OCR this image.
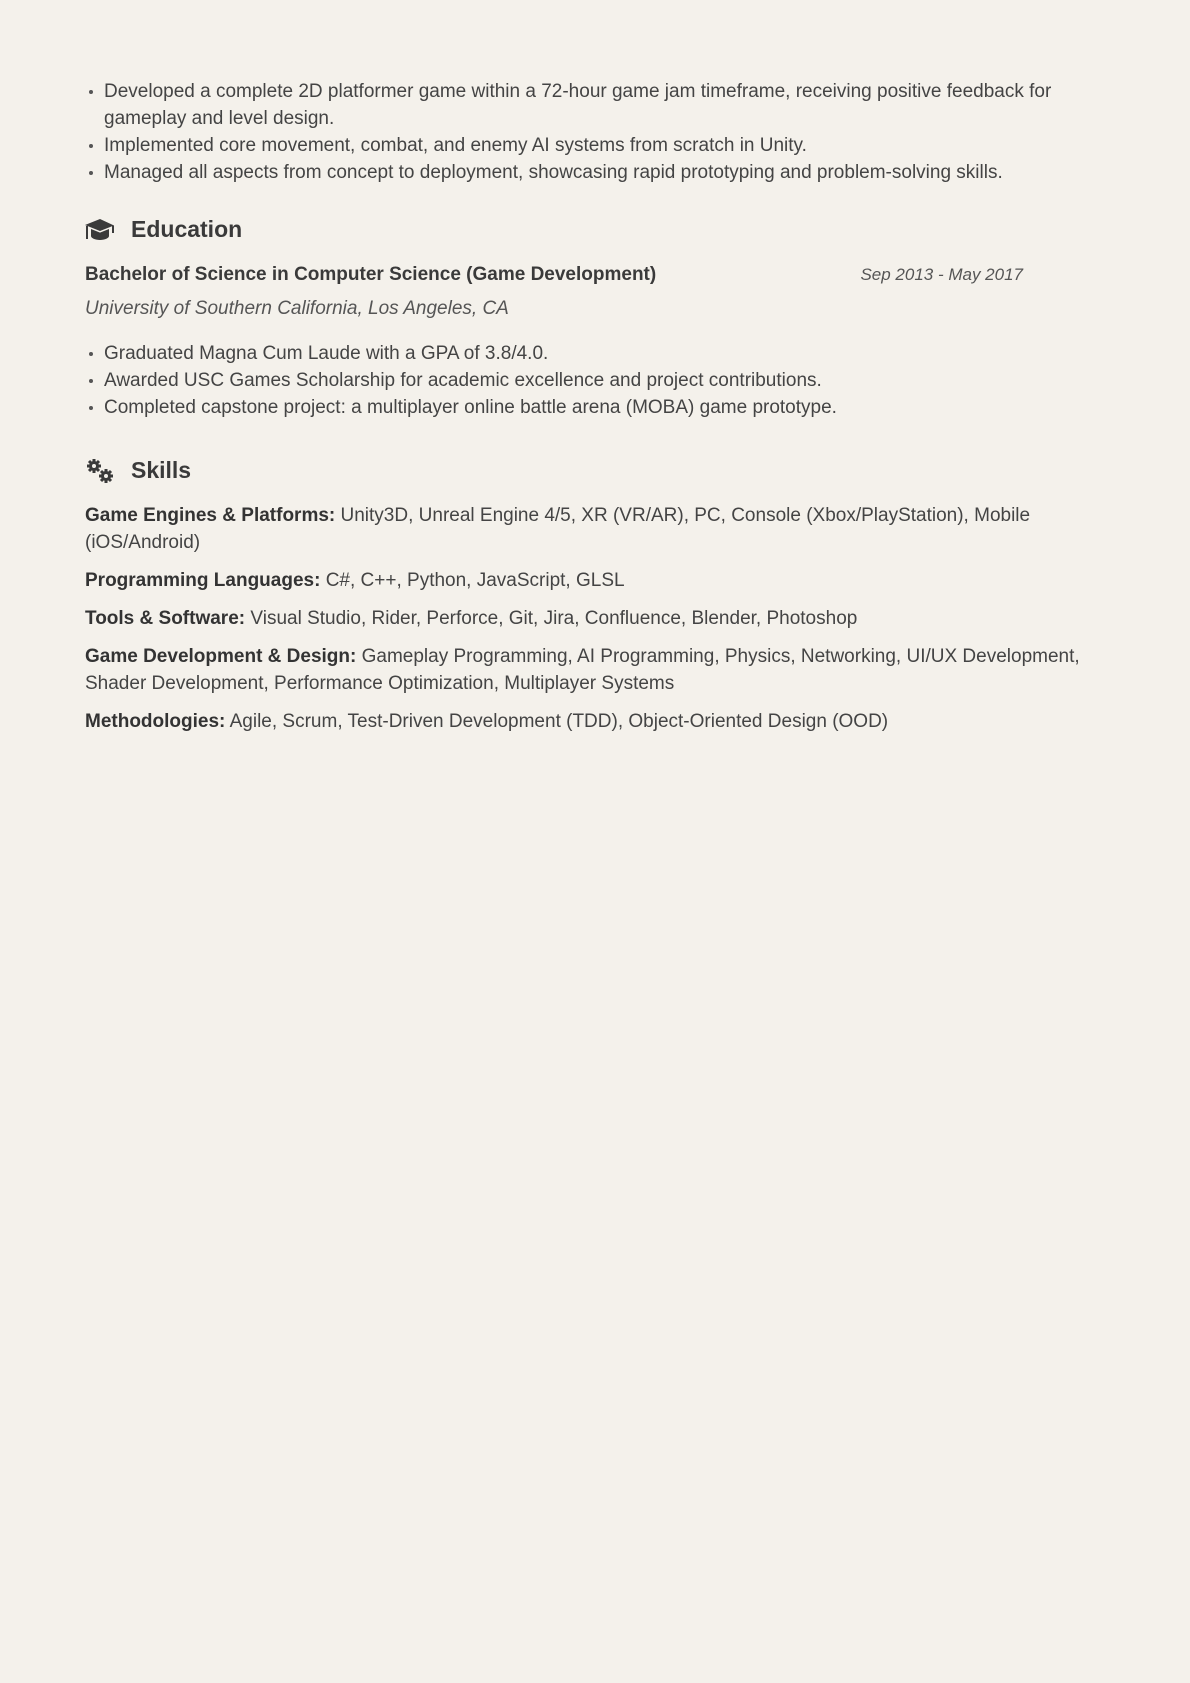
Developed a complete 2D platformer game within a 72-hour game jam timeframe, receiving positive feedback for gameplay and level design.
Implemented core movement, combat, and enemy AI systems from scratch in Unity.
Managed all aspects from concept to deployment, showcasing rapid prototyping and problem-solving skills.
Education
Bachelor of Science in Computer Science (Game Development)	Sep 2013 - May 2017
University of Southern California, Los Angeles, CA
Graduated Magna Cum Laude with a GPA of 3.8/4.0.
Awarded USC Games Scholarship for academic excellence and project contributions.
Completed capstone project: a multiplayer online battle arena (MOBA) game prototype.
Skills
Game Engines & Platforms: Unity3D, Unreal Engine 4/5, XR (VR/AR), PC, Console (Xbox/PlayStation), Mobile (iOS/Android)
Programming Languages: C#, C++, Python, JavaScript, GLSL
Tools & Software: Visual Studio, Rider, Perforce, Git, Jira, Confluence, Blender, Photoshop
Game Development & Design: Gameplay Programming, AI Programming, Physics, Networking, UI/UX Development, Shader Development, Performance Optimization, Multiplayer Systems
Methodologies: Agile, Scrum, Test-Driven Development (TDD), Object-Oriented Design (OOD)
